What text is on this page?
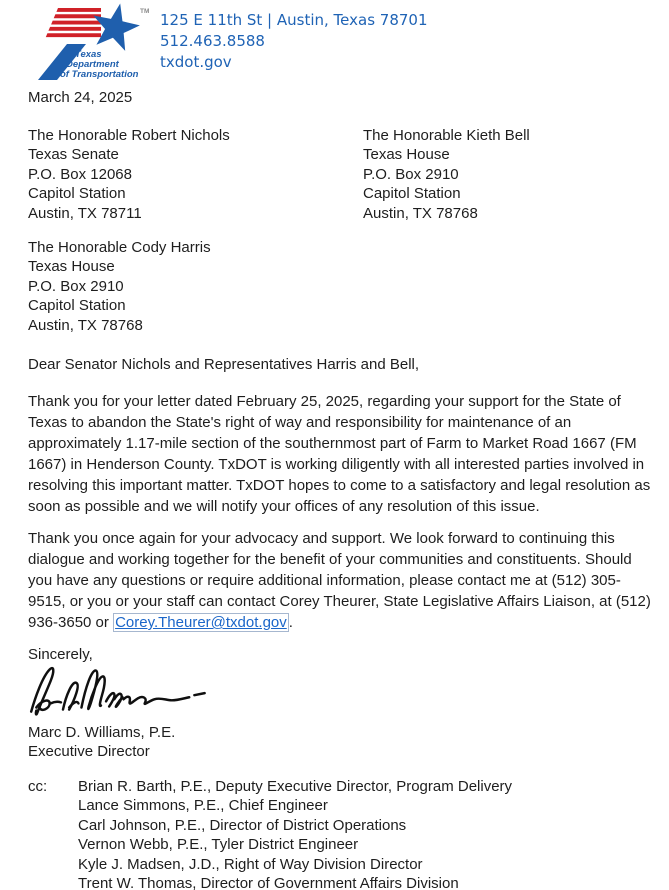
TM
Texas Department of Transportation
125 E 11th St | Austin, Texas 78701
512.463.8588
txdot.gov
March 24, 2025
The Honorable Robert Nichols
Texas Senate
P.O. Box 12068
Capitol Station
Austin, TX 78711
The Honorable Kieth Bell
Texas House
P.O. Box 2910
Capitol Station
Austin, TX 78768
The Honorable Cody Harris
Texas House
P.O. Box 2910
Capitol Station
Austin, TX 78768
Dear Senator Nichols and Representatives Harris and Bell,
Thank you for your letter dated February 25, 2025, regarding your support for the State of Texas to abandon the State's right of way and responsibility for maintenance of an approximately 1.17-mile section of the southernmost part of Farm to Market Road 1667 (FM 1667) in Henderson County. TxDOT is working diligently with all interested parties involved in resolving this important matter. TxDOT hopes to come to a satisfactory and legal resolution as soon as possible and we will notify your offices of any resolution of this issue.
Thank you once again for your advocacy and support. We look forward to continuing this dialogue and working together for the benefit of your communities and constituents. Should you have any questions or require additional information, please contact me at (512) 305-9515, or you or your staff can contact Corey Theurer, State Legislative Affairs Liaison, at (512) 936-3650 or Corey.Theurer@txdot.gov .
Sincerely,
Marc D. Williams, P.E.
Executive Director
cc:	Brian R. Barth, P.E., Deputy Executive Director, Program Delivery
Lance Simmons, P.E., Chief Engineer
Carl Johnson, P.E., Director of District Operations
Vernon Webb, P.E., Tyler District Engineer
Kyle J. Madsen, J.D., Right of Way Division Director
Trent W. Thomas, Director of Government Affairs Division
